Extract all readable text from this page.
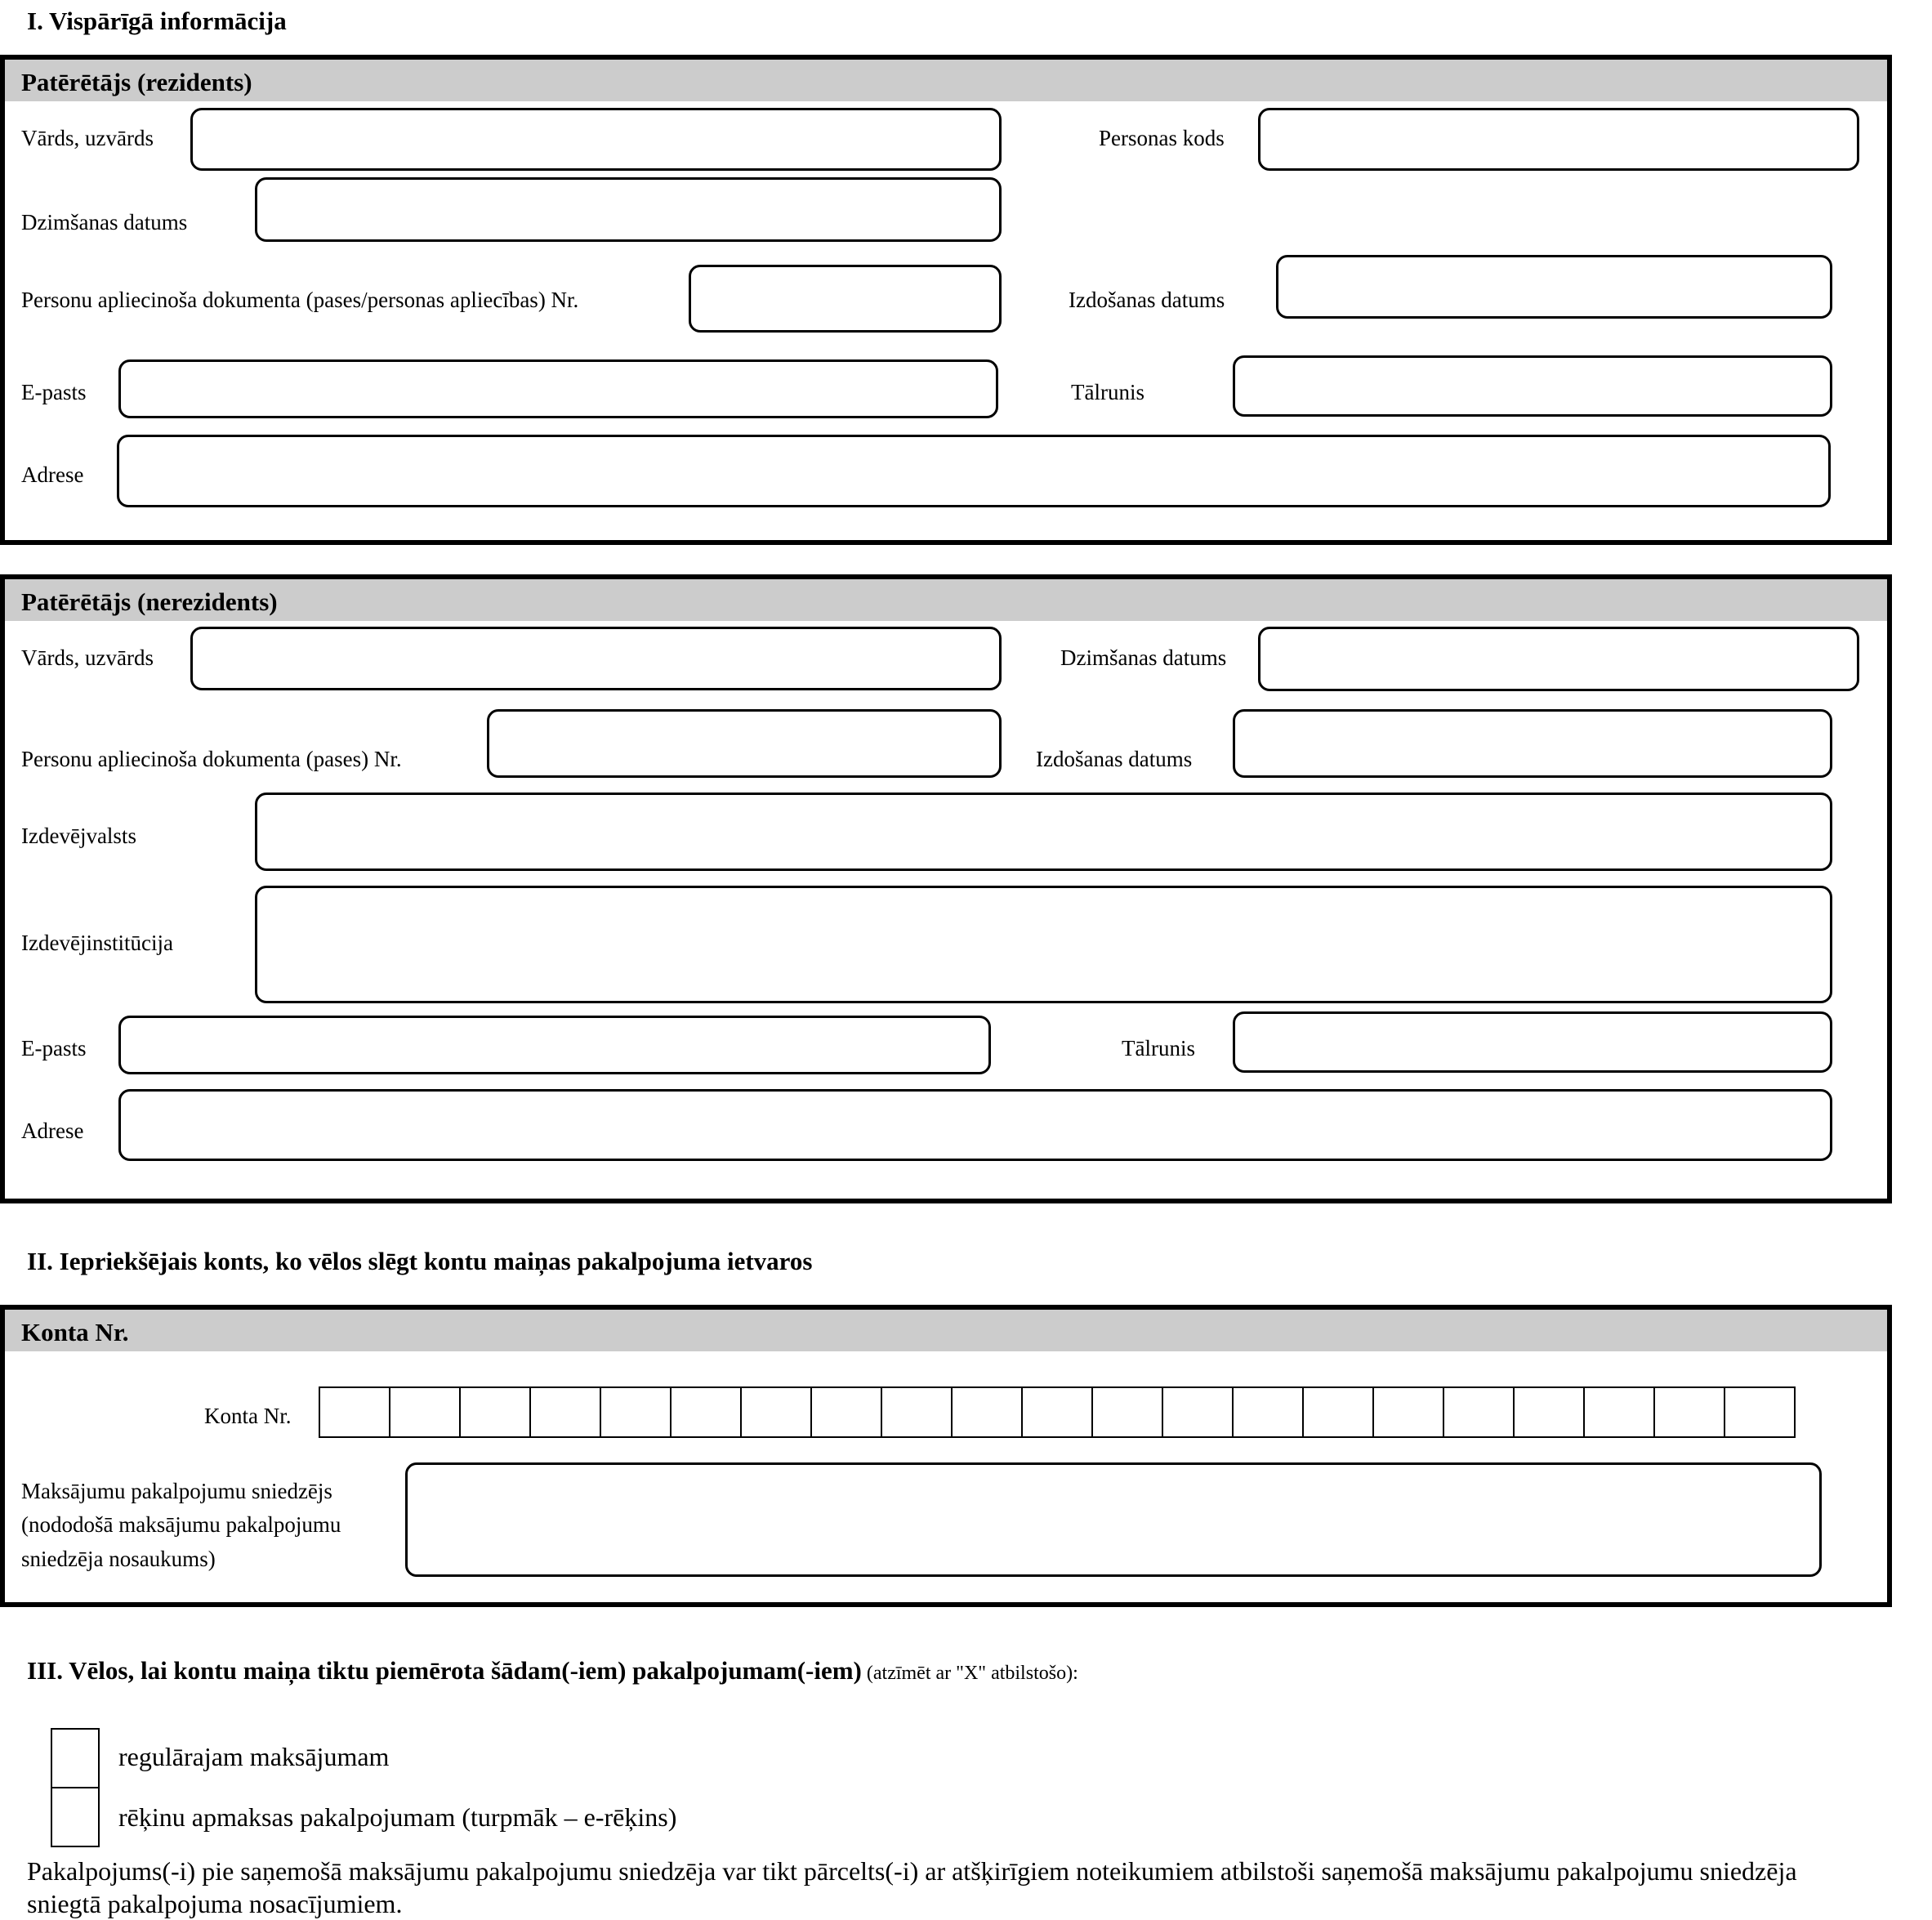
I. Vispārīgā informācija
Patērētājs (rezidents)
Vārds, uzvārds	Personas kods
Dzimšanas datums
Personu apliecinoša dokumenta (pases/personas apliecības) Nr.	Izdošanas datums
E-pasts	Tālrunis
Adrese
Patērētājs (nerezidents)
Vārds, uzvārds	Dzimšanas datums
Personu apliecinoša dokumenta (pases) Nr.	Izdošanas datums
Izdevējvalsts
Izdevējinstitūcija
E-pasts	Tālrunis
Adrese
II. Iepriekšējais konts, ko vēlos slēgt kontu maiņas pakalpojuma ietvaros
Konta Nr.
Konta Nr.
Maksājumu pakalpojumu sniedzējs
(nododošā maksājumu pakalpojumu
sniedzēja nosaukums)
III. Vēlos, lai kontu maiņa tiktu piemērota šādam(-iem) pakalpojumam(-iem) (atzīmēt ar "X" atbilstošo):
regulārajam maksājumam
rēķinu apmaksas pakalpojumam (turpmāk – e-rēķins)
Pakalpojums(-i) pie saņemošā maksājumu pakalpojumu sniedzēja var tikt pārcelts(-i) ar atšķirīgiem noteikumiem atbilstoši saņemošā maksājumu pakalpojumu sniedzēja sniegtā pakalpojuma nosacījumiem.
